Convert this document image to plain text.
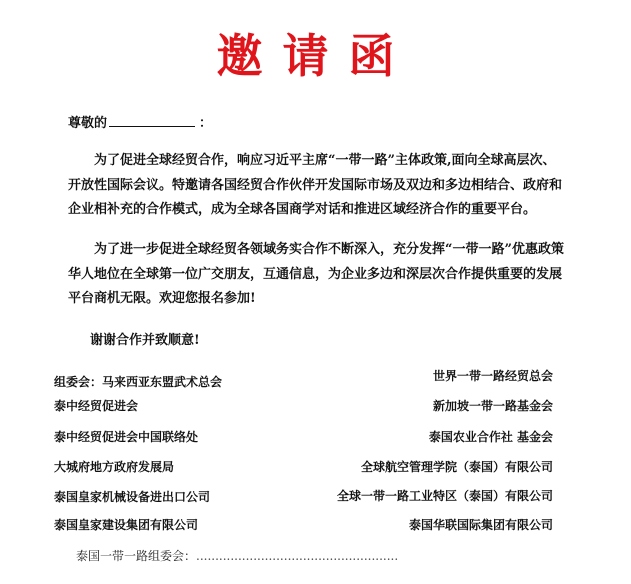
邀请函
尊敬的	：

为了促进全球经贸合作，响应习近平主席“一带一路”主体政策,面向全球高层次、开放性国际会议。特邀请各国经贸合作伙伴开发国际市场及双边和多边相结合、政府和企业相补充的合作模式，成为全球各国商学对话和推进区域经济合作的重要平台。

为了进一步促进全球经贸各领域务实合作不断深入，充分发挥“一带一路”优惠政策华人地位在全球第一位广交朋友，互通信息，为企业多边和深层次合作提供重要的发展平台商机无限。欢迎您报名参加!

谢谢合作并致顺意!
组委会：马来西亚东盟武术总会
泰中经贸促进会
泰中经贸促进会中国联络处
大城府地方政府发展局
泰国皇家机械设备进出口公司
泰国皇家建设集团有限公司
世界一带一路经贸总会
新加坡一带一路基金会
泰国农业合作社 基金会
全球航空管理学院（泰国）有限公司
全球一带一路工业特区（泰国）有限公司
泰国华联国际集团有限公司
泰国一带一路组委会：.....................................................
